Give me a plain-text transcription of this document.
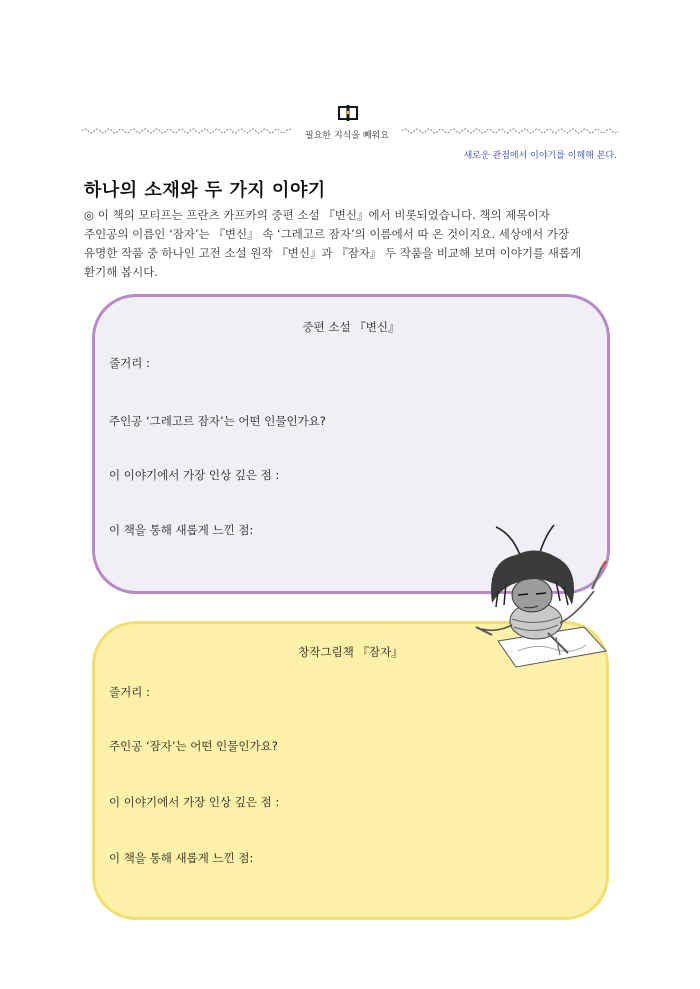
필요한 지식을 빼워요
새로운 관점에서 이야기를 이해해 본다.
하나의 소재와 두 가지 이야기
◎ 이 책의 모티프는 프란츠 카프카의 중편 소설 『변신』에서 비롯되었습니다. 책의 제목이자
주인공의 이름인 ‘잠자’는 『변신』 속 ‘그레고르 잠자’의 이름에서 따 온 것이지요. 세상에서 가장
유명한 작품 중 하나인 고전 소설 원작 『변신』과 『잠자』 두 작품을 비교해 보며 이야기를 새롭게
환기해 봅시다.
중편 소설 『변신』
줄거리 :
주인공 ‘그레고르 잠자’는 어떤 인물인가요?
이 이야기에서 가장 인상 깊은 점 :
이 책을 통해 새롭게 느낀 점:
창작그림책 『잠자』
줄거리 :
주인공 ‘잠자’는 어떤 인물인가요?
이 이야기에서 가장 인상 깊은 점 :
이 책을 통해 새롭게 느낀 점:
